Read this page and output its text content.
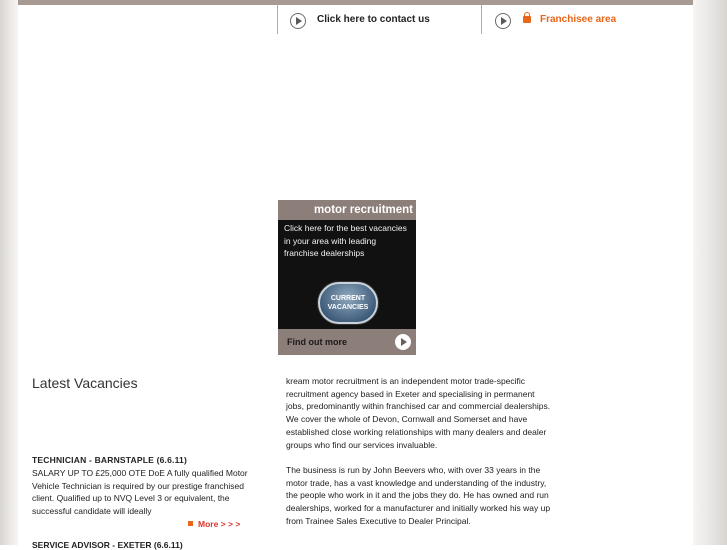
Click here to contact us	Franchisee area
motor recruitment
Click here for the best vacancies in your area with leading franchise dealerships
CURRENT
VACANCIES
Find out more
Latest Vacancies
TECHNICIAN - BARNSTAPLE (6.6.11)
SALARY UP TO £25,000 OTE DoE A fully qualified Motor Vehicle Technician is required by our prestige franchised client. Qualified up to NVQ Level 3 or equivalent, the successful candidate will ideally
More > > >
SERVICE ADVISOR - EXETER (6.6.11)

kream motor recruitment is an independent motor trade-specific recruitment agency based in Exeter and specialising in permanent jobs, predominantly within franchised car and commercial dealerships. We cover the whole of Devon, Cornwall and Somerset and have established close working relationships with many dealers and dealer groups who find our services invaluable.

The business is run by John Beevers who, with over 33 years in the motor trade, has a vast knowledge and understanding of the industry, the people who work in it and the jobs they do. He has owned and run dealerships, worked for a manufacturer and initially worked his way up from Trainee Sales Executive to Dealer Principal.
